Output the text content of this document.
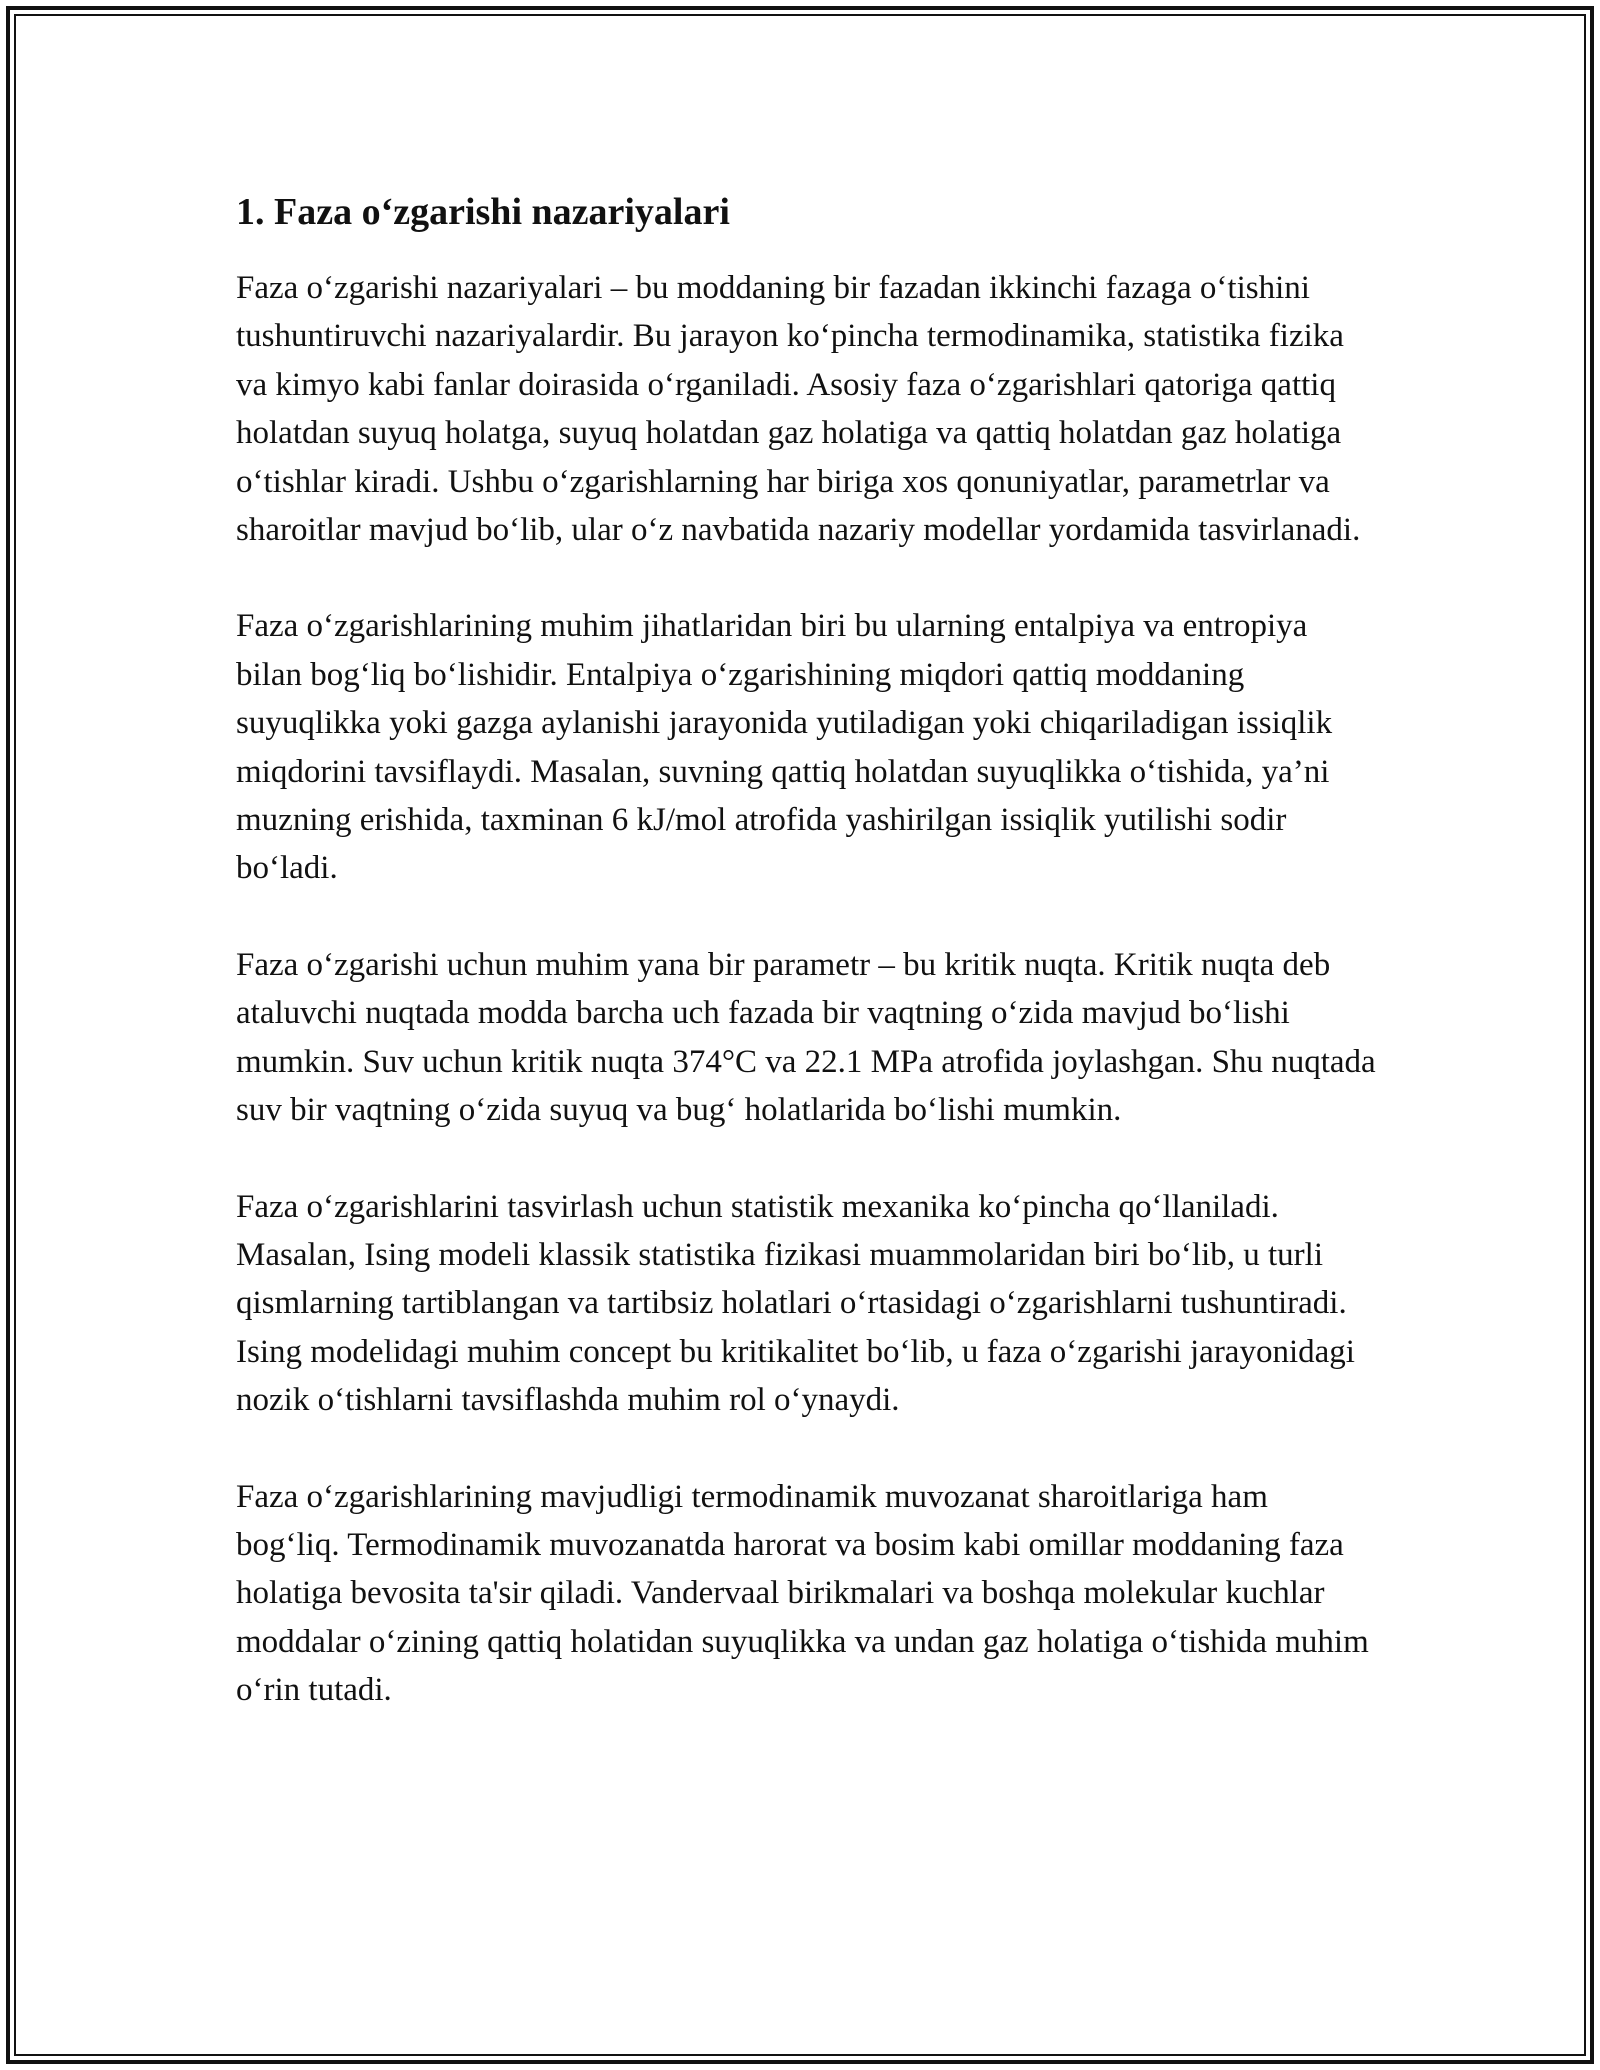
1. Faza o‘zgarishi nazariyalari

Faza o‘zgarishi nazariyalari – bu moddaning bir fazadan ikkinchi fazaga o‘tishini tushuntiruvchi nazariyalardir. Bu jarayon ko‘pincha termodinamika, statistika fizika va kimyo kabi fanlar doirasida o‘rganiladi. Asosiy faza o‘zgarishlari qatoriga qattiq holatdan suyuq holatga, suyuq holatdan gaz holatiga va qattiq holatdan gaz holatiga o‘tishlar kiradi. Ushbu o‘zgarishlarning har biriga xos qonuniyatlar, parametrlar va sharoitlar mavjud bo‘lib, ular o‘z navbatida nazariy modellar yordamida tasvirlanadi.

Faza o‘zgarishlarining muhim jihatlaridan biri bu ularning entalpiya va entropiya bilan bog‘liq bo‘lishidir. Entalpiya o‘zgarishining miqdori qattiq moddaning suyuqlikka yoki gazga aylanishi jarayonida yutiladigan yoki chiqariladigan issiqlik miqdorini tavsiflaydi. Masalan, suvning qattiq holatdan suyuqlikka o‘tishida, ya’ni muzning erishida, taxminan 6 kJ/mol atrofida yashirilgan issiqlik yutilishi sodir bo‘ladi.

Faza o‘zgarishi uchun muhim yana bir parametr – bu kritik nuqta. Kritik nuqta deb ataluvchi nuqtada modda barcha uch fazada bir vaqtning o‘zida mavjud bo‘lishi mumkin. Suv uchun kritik nuqta 374°C va 22.1 MPa atrofida joylashgan. Shu nuqtada suv bir vaqtning o‘zida suyuq va bug‘ holatlarida bo‘lishi mumkin.

Faza o‘zgarishlarini tasvirlash uchun statistik mexanika ko‘pincha qo‘llaniladi. Masalan, Ising modeli klassik statistika fizikasi muammolaridan biri bo‘lib, u turli qismlarning tartiblangan va tartibsiz holatlari o‘rtasidagi o‘zgarishlarni tushuntiradi. Ising modelidagi muhim concept bu kritikalitet bo‘lib, u faza o‘zgarishi jarayonidagi nozik o‘tishlarni tavsiflashda muhim rol o‘ynaydi.

Faza o‘zgarishlarining mavjudligi termodinamik muvozanat sharoitlariga ham bog‘liq. Termodinamik muvozanatda harorat va bosim kabi omillar moddaning faza holatiga bevosita ta'sir qiladi. Vandervaal birikmalari va boshqa molekular kuchlar moddalar o‘zining qattiq holatidan suyuqlikka va undan gaz holatiga o‘tishida muhim o‘rin tutadi.
